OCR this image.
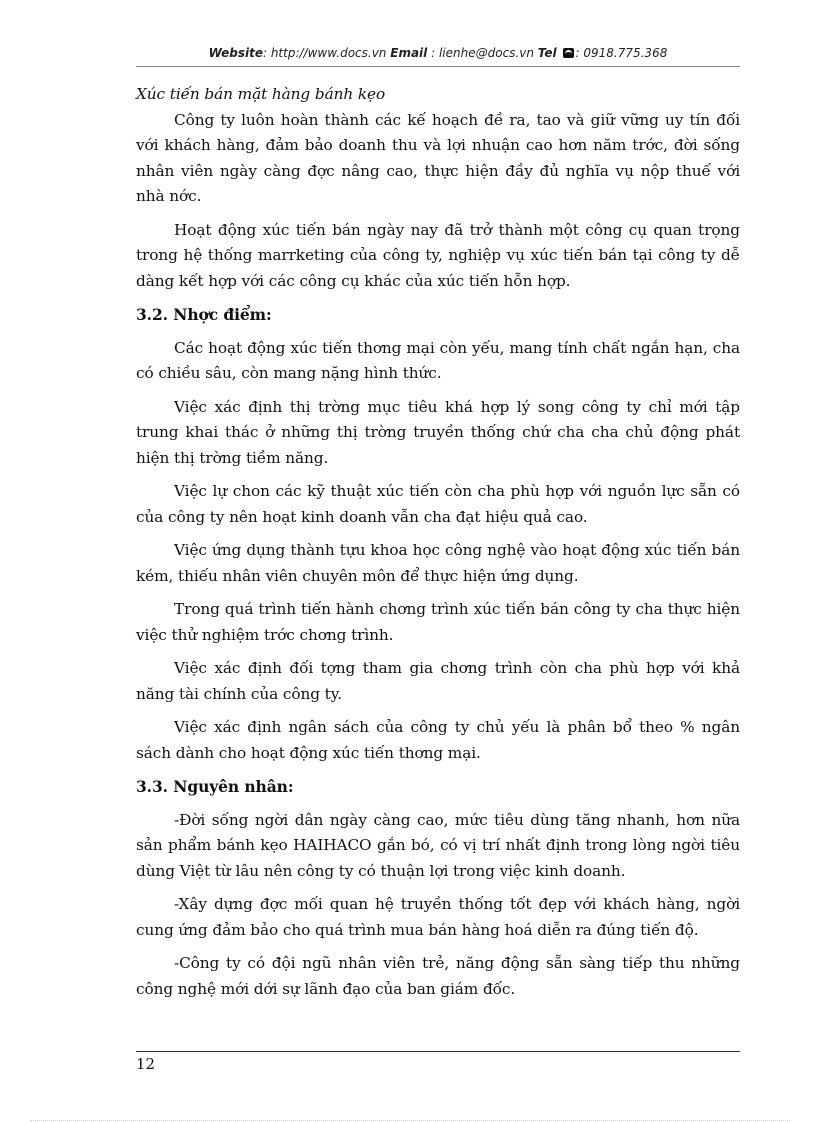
Website: http://www.docs.vn Email : lienhe@docs.vn Tel : 0918.775.368

Xúc tiến bán mặt hàng bánh kẹo

Công ty luôn hoàn thành các kế hoạch đề ra, tao và giữ vững uy tín đối với khách hàng, đảm bảo doanh thu và lợi nhuận cao hơn năm trớc, đời sống nhân viên ngày càng đợc nâng cao, thực hiện đầy đủ nghĩa vụ nộp thuế với nhà nớc.

Hoạt động xúc tiến bán ngày nay đã trở thành một công cụ quan trọng trong hệ thống marrketing của công ty, nghiệp vụ xúc tiến bán tại công ty dễ dàng kết hợp với các công cụ khác của xúc tiến hỗn hợp.

3.2. Nhợc điểm:

Các hoạt động xúc tiến thơng mại còn yếu, mang tính chất ngắn hạn, cha có chiều sâu, còn mang nặng hình thức.

Việc xác định thị trờng mục tiêu khá hợp lý song công ty chỉ mới tập trung khai thác ở những thị trờng truyền thống chứ cha cha chủ động phát hiện thị trờng tiềm năng.

Việc lự chon các kỹ thuật xúc tiến còn cha phù hợp với nguồn lực sẵn có của công ty nên hoạt kinh doanh vẫn cha đạt hiệu quả cao.

Việc ứng dụng thành tựu khoa học công nghệ vào hoạt động xúc tiến bán kém, thiếu nhân viên chuyên môn để thực hiện ứng dụng.

Trong quá trình tiến hành chơng trình xúc tiến bán công ty cha thực hiện việc thử nghiệm trớc chơng trình.

Việc xác định đối tợng tham gia chơng trình còn cha phù hợp với khả năng tài chính của công ty.

Việc xác định ngân sách của công ty chủ yếu là phân bổ theo % ngân sách dành cho hoạt động xúc tiến thơng mại.

3.3. Nguyên nhân:

-Đời sống ngời dân ngày càng cao, mức tiêu dùng tăng nhanh, hơn nữa sản phẩm bánh kẹo HAIHACO gắn bó, có vị trí nhất định trong lòng ngời tiêu dùng Việt từ lâu nên công ty có thuận lợi trong việc kinh doanh.

-Xây dựng đợc mối quan hệ truyền thống tốt đẹp với khách hàng, ngời cung ứng đảm bảo cho quá trình mua bán hàng hoá diễn ra đúng tiến độ.

-Công ty có đội ngũ nhân viên trẻ, năng động sẵn sàng tiếp thu những công nghệ mới dới sự lãnh đạo của ban giám đốc.

12
